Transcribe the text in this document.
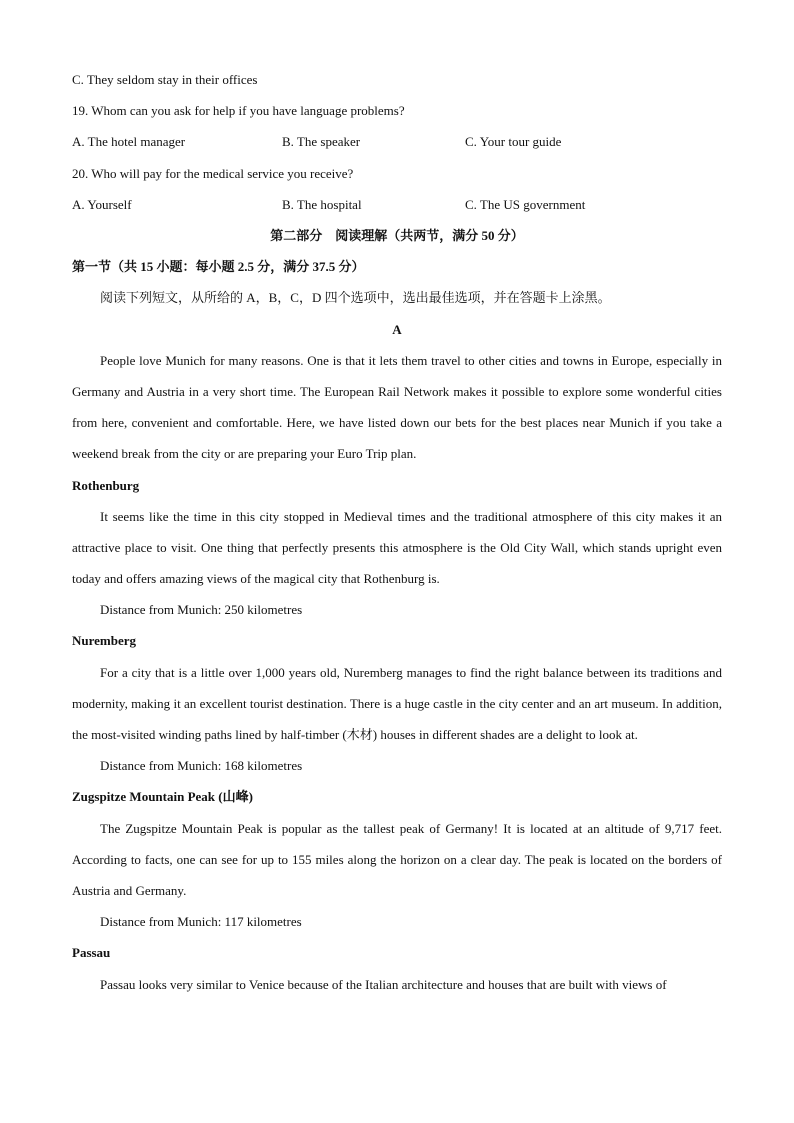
C. They seldom stay in their offices
19. Whom can you ask for help if you have language problems?
A. The hotel manager	B. The speaker	C. Your tour guide
20. Who will pay for the medical service you receive?
A. Yourself	B. The hospital	C. The US government
第二部分　阅读理解（共两节，满分 50 分）
第一节（共 15 小题：每小题 2.5 分，满分 37.5 分）
阅读下列短文，从所给的 A，B，C，D 四个选项中，选出最佳选项，并在答题卡上涂黑。
A
People love Munich for many reasons. One is that it lets them travel to other cities and towns in Europe, especially in Germany and Austria in a very short time. The European Rail Network makes it possible to explore some wonderful cities from here, convenient and comfortable. Here, we have listed down our bets for the best places near Munich if you take a weekend break from the city or are preparing your Euro Trip plan.
Rothenburg
It seems like the time in this city stopped in Medieval times and the traditional atmosphere of this city makes it an attractive place to visit. One thing that perfectly presents this atmosphere is the Old City Wall, which stands upright even today and offers amazing views of the magical city that Rothenburg is.
Distance from Munich: 250 kilometres
Nuremberg
For a city that is a little over 1,000 years old, Nuremberg manages to find the right balance between its traditions and modernity, making it an excellent tourist destination. There is a huge castle in the city center and an art museum. In addition, the most-visited winding paths lined by half-timber (木材) houses in different shades are a delight to look at.
Distance from Munich: 168 kilometres
Zugspitze Mountain Peak (山峰)
The Zugspitze Mountain Peak is popular as the tallest peak of Germany! It is located at an altitude of 9,717 feet. According to facts, one can see for up to 155 miles along the horizon on a clear day. The peak is located on the borders of Austria and Germany.
Distance from Munich: 117 kilometres
Passau
Passau looks very similar to Venice because of the Italian architecture and houses that are built with views of
